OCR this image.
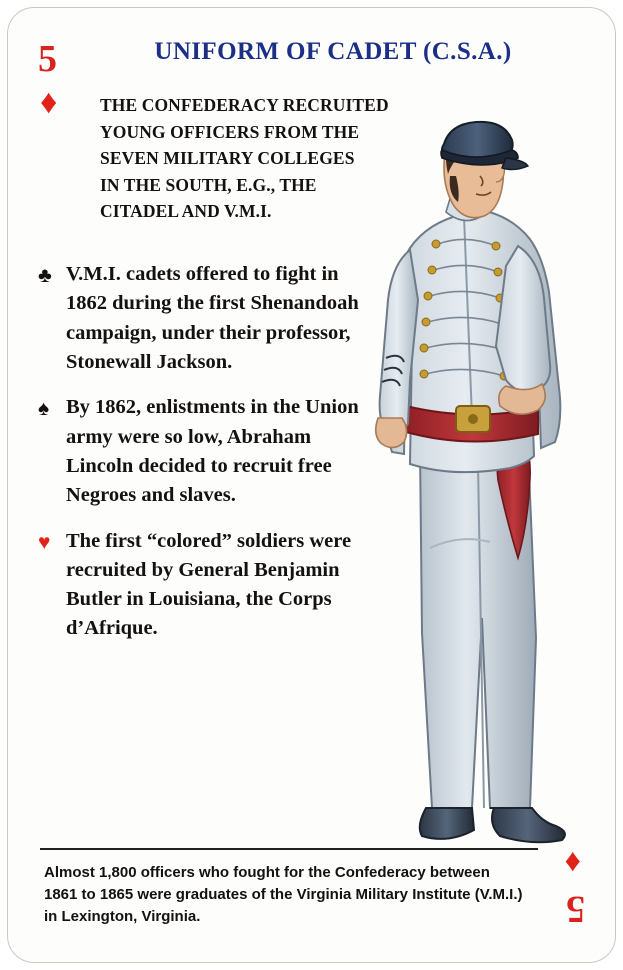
5
♦
UNIFORM OF CADET (C.S.A.)
THE CONFEDERACY RECRUITED
YOUNG OFFICERS FROM THE
SEVEN MILITARY COLLEGES
IN THE SOUTH, E.G., THE
CITADEL AND V.M.I.
♣ V.M.I. cadets offered to fight in 1862 during the first Shenandoah campaign, under their professor, Stonewall Jackson.
♠ By 1862, enlistments in the Union army were so low, Abraham Lincoln decided to recruit free Negroes and slaves.
♥ The first “colored” soldiers were recruited by General Benjamin Butler in Louisiana, the Corps d’Afrique.
Almost 1,800 officers who fought for the Confederacy between 1861 to 1865 were graduates of the Virginia Military Institute (V.M.I.) in Lexington, Virginia.
♦
5
